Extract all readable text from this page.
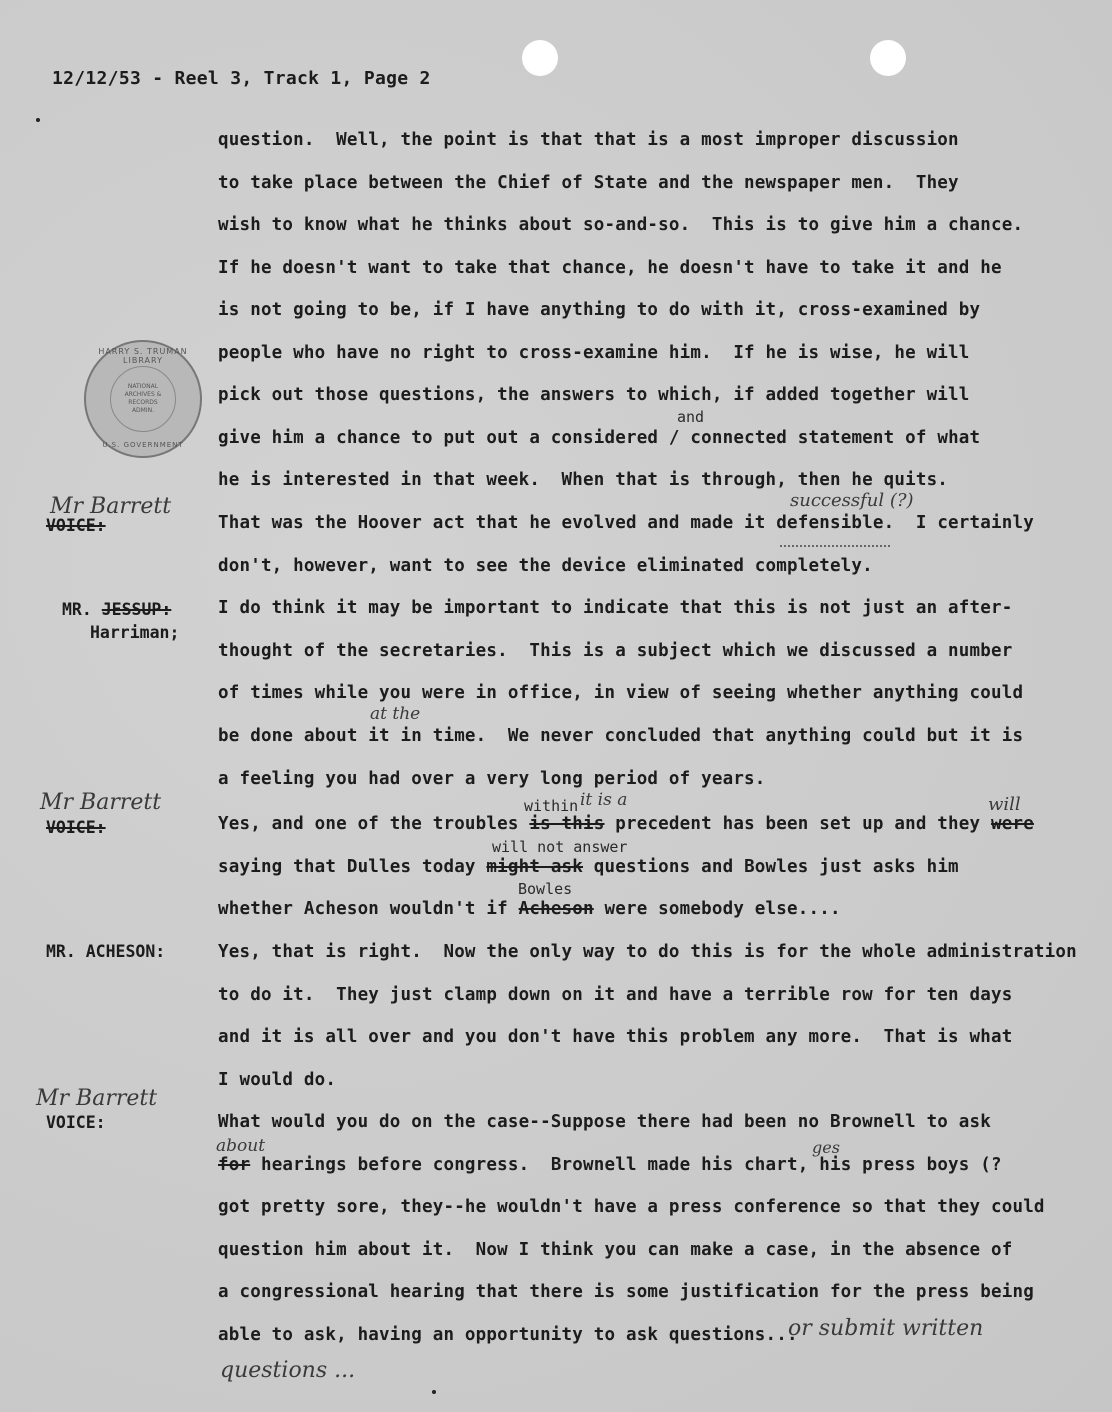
12/12/53 - Reel 3, Track 1, Page 2
HARRY S. TRUMAN LIBRARY
NATIONAL
ARCHIVES &
RECORDS
ADMIN.
U.S. GOVERNMENT
question.  Well, the point is that that is a most improper discussion
to take place between the Chief of State and the newspaper men.  They
wish to know what he thinks about so-and-so.  This is to give him a chance.
If he doesn't want to take that chance, he doesn't have to take it and he
is not going to be, if I have anything to do with it, cross-examined by
people who have no right to cross-examine him.  If he is wise, he will
pick out those questions, the answers to which, if added together will
and
give him a chance to put out a considered / connected statement of what
he is interested in that week.  When that is through, then he quits.
Mr Barrett	successful (?)
VOICE:	That was the Hoover act that he evolved and made it defensible.  I certainly
don't, however, want to see the device eliminated completely.
MR. JESSUP:
Harriman;
I do think it may be important to indicate that this is not just an after-
thought of the secretaries.  This is a subject which we discussed a number
of times while you were in office, in view of seeing whether anything could
at the
be done about it in time.  We never concluded that anything could but it is
a feeling you had over a very long period of years.
Mr Barrett	within it is a	will
VOICE:	Yes, and one of the troubles is this precedent has been set up and they were
will not answer
saying that Dulles today might ask questions and Bowles just asks him
Bowles
whether Acheson wouldn't if Acheson were somebody else....
MR. ACHESON:	Yes, that is right.  Now the only way to do this is for the whole administration
to do it.  They just clamp down on it and have a terrible row for ten days
and it is all over and you don't have this problem any more.  That is what
I would do.
Mr Barrett
VOICE:	What would you do on the case--Suppose there had been no Brownell to ask
about	ges
for hearings before congress.  Brownell made his chart, his press boys (?
got pretty sore, they--he wouldn't have a press conference so that they could
question him about it.  Now I think you can make a case, in the absence of
a congressional hearing that there is some justification for the press being
able to ask, having an opportunity to ask questions...
or submit written
questions ...
